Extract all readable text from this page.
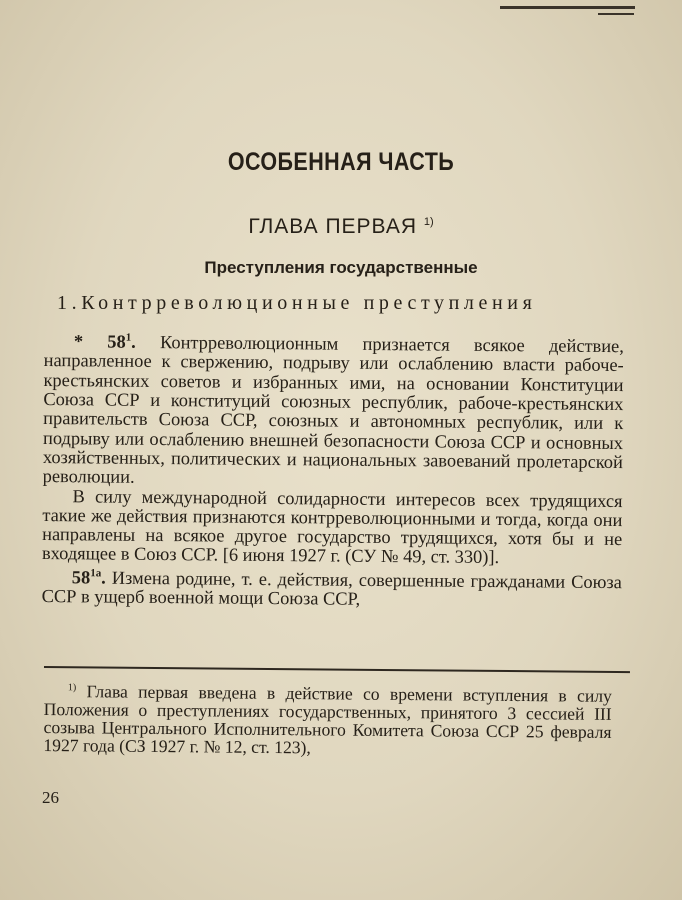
ОСОБЕННАЯ ЧАСТЬ
ГЛАВА ПЕРВАЯ $^{1)}$
Преступления государственные
1.Контрреволюционные преступления

* $58^1$. Контрреволюционным признается всякое действие, направленное к свержению, подрыву или ослаблению власти рабоче-крестьянских советов и избранных ими, на основании Конституции Союза ССР и конституций союзных республик, рабоче-крестьянских правительств Союза ССР, союзных и автономных республик, или к подрыву или ослаблению внешней безопасности Союза ССР и основных хозяйственных, политических и национальных завоеваний пролетарской революции.

В силу международной солидарности интересов всех трудящихся такие же действия признаются контрреволюционными и тогда, когда они направлены на всякое другое государство трудящихся, хотя бы и не входящее в Союз ССР. [6 июня 1927 г. (СУ № 49, ст. 330)].

$58^{1а}$. Измена родине, т. е. действия, совершенные гражданами Союза ССР в ущерб военной мощи Союза ССР,

$^{1)}$ Глава первая введена в действие со времени вступления в силу Положения о преступлениях государственных, принятого 3 сессией III созыва Центрального Исполнительного Комитета Союза ССР 25 февраля 1927 года (СЗ 1927 г. № 12, ст. 123),

26
